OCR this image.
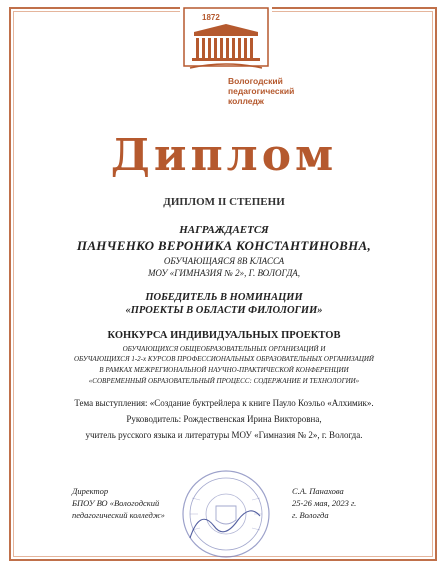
1872
Вологодский
педагогический
колледж
Диплом
ДИПЛОМ II СТЕПЕНИ
НАГРАЖДАЕТСЯ
ПАНЧЕНКО ВЕРОНИКА КОНСТАНТИНОВНА,
ОБУЧАЮЩАЯСЯ 8В КЛАССА
МОУ «ГИМНАЗИЯ № 2», Г. ВОЛОГДА,
ПОБЕДИТЕЛЬ В НОМИНАЦИИ
«ПРОЕКТЫ В ОБЛАСТИ ФИЛОЛОГИИ»
КОНКУРСА ИНДИВИДУАЛЬНЫХ ПРОЕКТОВ
ОБУЧАЮЩИХСЯ ОБЩЕОБРАЗОВАТЕЛЬНЫХ ОРГАНИЗАЦИЙ И
ОБУЧАЮЩИХСЯ 1-2-х КУРСОВ ПРОФЕССИОНАЛЬНЫХ ОБРАЗОВАТЕЛЬНЫХ ОРГАНИЗАЦИЙ
В РАМКАХ МЕЖРЕГИОНАЛЬНОЙ НАУЧНО-ПРАКТИЧЕСКОЙ КОНФЕРЕНЦИИ
«СОВРЕМЕННЫЙ ОБРАЗОВАТЕЛЬНЫЙ ПРОЦЕСС: СОДЕРЖАНИЕ И ТЕХНОЛОГИИ»
Тема выступления: «Создание буктрейлера к книге Пауло Коэльо «Алхимик».
Руководитель: Рождественская Ирина Викторовна,
учитель русского языка и литературы МОУ «Гимназия № 2», г. Вологда.
Директор
БПОУ ВО «Вологодский
педагогический колледж»
С.А. Панахова
25-26 мая, 2023 г.
г. Вологда
